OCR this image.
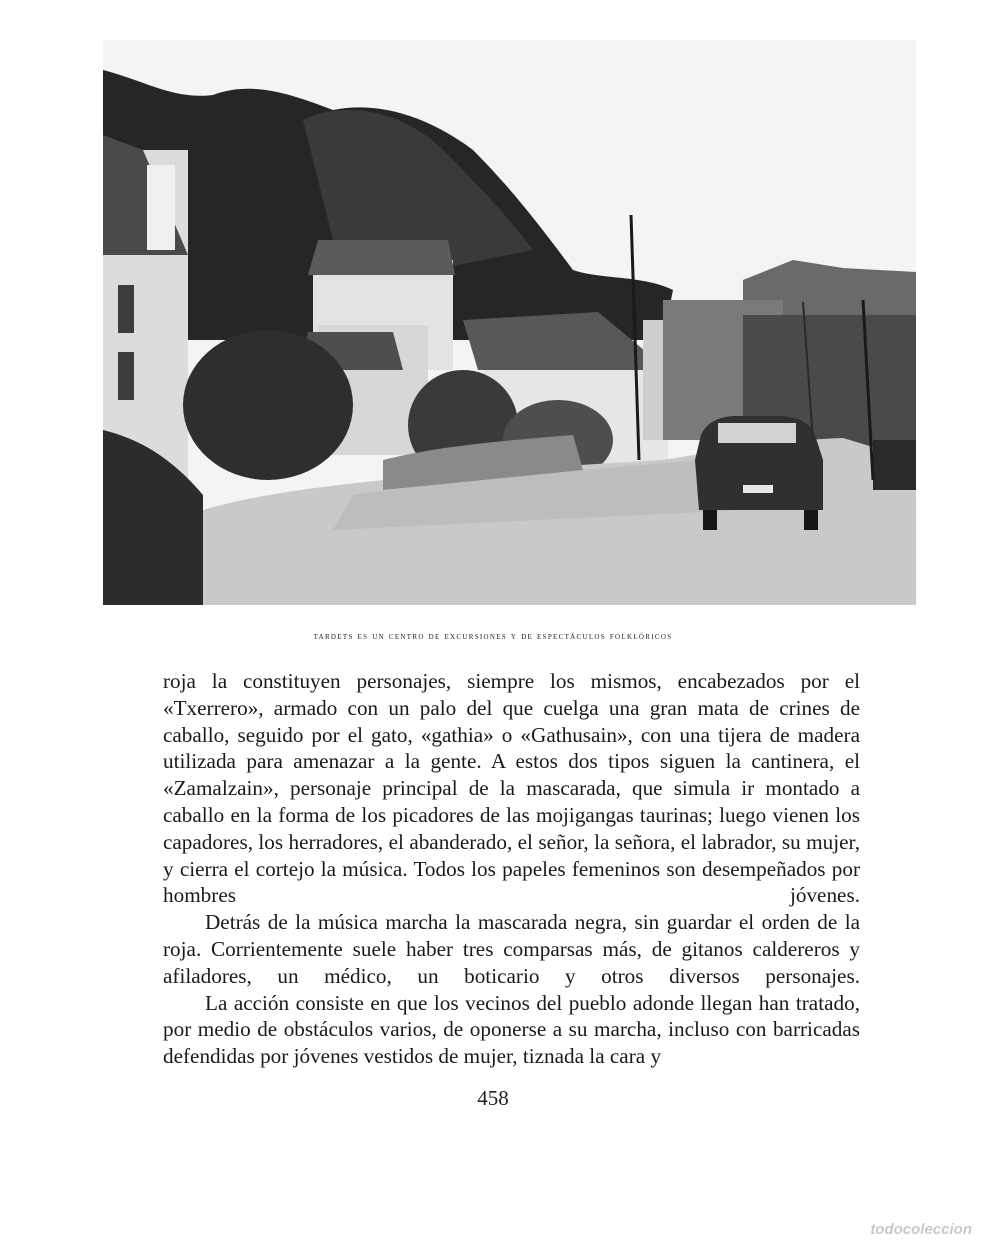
tardets es un centro de excursiones y de espectáculos folklóricos

roja la constituyen personajes, siempre los mismos, encabezados por el «Txerrero», armado con un palo del que cuelga una gran mata de crines de caballo, seguido por el gato, «gathia» o «Gathusain», con una tijera de madera utilizada para amenazar a la gente. A estos dos tipos siguen la cantinera, el «Zamalzain», personaje principal de la mascarada, que simula ir montado a caballo en la forma de los picadores de las mojigangas taurinas; luego vienen los capadores, los herradores, el abanderado, el señor, la señora, el labrador, su mujer, y cierra el cortejo la música. Todos los papeles femeninos son desempeñados por hombres jóvenes.

Detrás de la música marcha la mascarada negra, sin guardar el orden de la roja. Corrientemente suele haber tres comparsas más, de gitanos caldereros y afiladores, un médico, un boticario y otros diversos personajes.

La acción consiste en que los vecinos del pueblo adonde llegan han tratado, por medio de obstáculos varios, de oponerse a su marcha, incluso con barricadas defendidas por jóvenes vestidos de mujer, tiznada la cara y

458
todocoleccion
